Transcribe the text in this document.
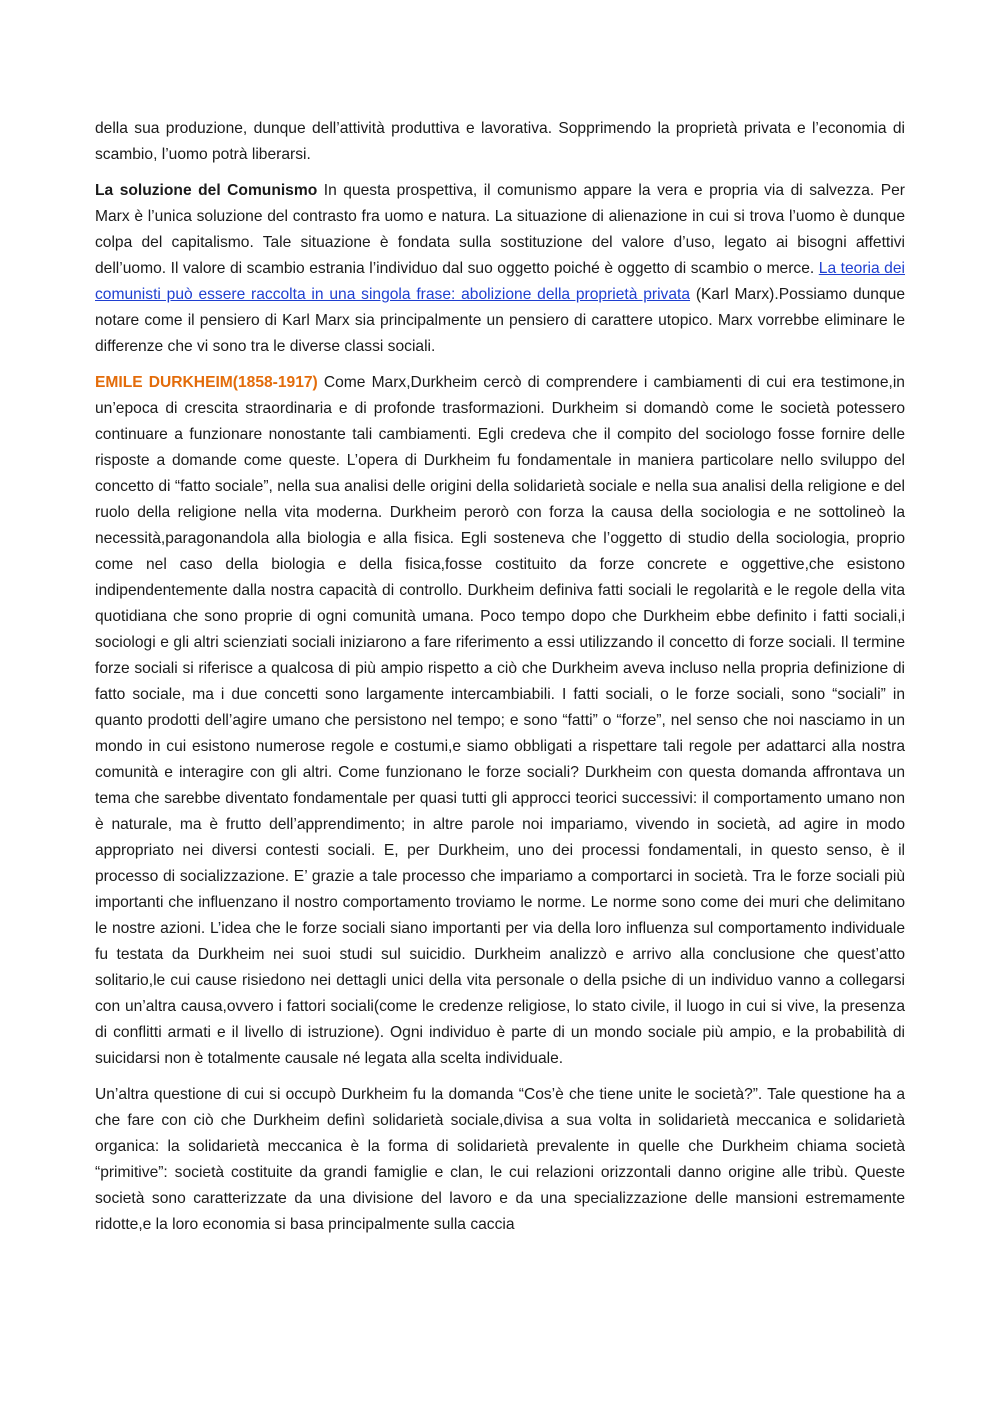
della sua produzione, dunque dell’attività produttiva e lavorativa. Sopprimendo la proprietà privata e l’economia di scambio, l’uomo potrà liberarsi.

La soluzione del Comunismo In questa prospettiva, il comunismo appare la vera e propria via di salvezza. Per Marx è l’unica soluzione del contrasto fra uomo e natura. La situazione di alienazione in cui si trova l’uomo è dunque colpa del capitalismo. Tale situazione è fondata sulla sostituzione del valore d’uso, legato ai bisogni affettivi dell’uomo. Il valore di scambio estrania l’individuo dal suo oggetto poiché è oggetto di scambio o merce. La teoria dei comunisti può essere raccolta in una singola frase: abolizione della proprietà privata (Karl Marx).Possiamo dunque notare come il pensiero di Karl Marx sia principalmente un pensiero di carattere utopico. Marx vorrebbe eliminare le differenze che vi sono tra le diverse classi sociali.

EMILE DURKHEIM(1858-1917) Come Marx,Durkheim cercò di comprendere i cambiamenti di cui era testimone,in un’epoca di crescita straordinaria e di profonde trasformazioni. Durkheim si domandò come le società potessero continuare a funzionare nonostante tali cambiamenti. Egli credeva che il compito del sociologo fosse fornire delle risposte a domande come queste. L’opera di Durkheim fu fondamentale in maniera particolare nello sviluppo del concetto di “fatto sociale”, nella sua analisi delle origini della solidarietà sociale e nella sua analisi della religione e del ruolo della religione nella vita moderna. Durkheim perorò con forza la causa della sociologia e ne sottolineò la necessità,paragonandola alla biologia e alla fisica. Egli sosteneva che l’oggetto di studio della sociologia, proprio come nel caso della biologia e della fisica,fosse costituito da forze concrete e oggettive,che esistono indipendentemente dalla nostra capacità di controllo. Durkheim definiva fatti sociali le regolarità e le regole della vita quotidiana che sono proprie di ogni comunità umana. Poco tempo dopo che Durkheim ebbe definito i fatti sociali,i sociologi e gli altri scienziati sociali iniziarono a fare riferimento a essi utilizzando il concetto di forze sociali. Il termine forze sociali si riferisce a qualcosa di più ampio rispetto a ciò che Durkheim aveva incluso nella propria definizione di fatto sociale, ma i due concetti sono largamente intercambiabili. I fatti sociali, o le forze sociali, sono “sociali” in quanto prodotti dell’agire umano che persistono nel tempo; e sono “fatti” o “forze”, nel senso che noi nasciamo in un mondo in cui esistono numerose regole e costumi,e siamo obbligati a rispettare tali regole per adattarci alla nostra comunità e interagire con gli altri. Come funzionano le forze sociali? Durkheim con questa domanda affrontava un tema che sarebbe diventato fondamentale per quasi tutti gli approcci teorici successivi: il comportamento umano non è naturale, ma è frutto dell’apprendimento; in altre parole noi impariamo, vivendo in società, ad agire in modo appropriato nei diversi contesti sociali. E, per Durkheim, uno dei processi fondamentali, in questo senso, è il processo di socializzazione. E’ grazie a tale processo che impariamo a comportarci in società. Tra le forze sociali più importanti che influenzano il nostro comportamento troviamo le norme. Le norme sono come dei muri che delimitano le nostre azioni. L’idea che le forze sociali siano importanti per via della loro influenza sul comportamento individuale fu testata da Durkheim nei suoi studi sul suicidio. Durkheim analizzò e arrivo alla conclusione che quest’atto solitario,le cui cause risiedono nei dettagli unici della vita personale o della psiche di un individuo vanno a collegarsi con un’altra causa,ovvero i fattori sociali(come le credenze religiose, lo stato civile, il luogo in cui si vive, la presenza di conflitti armati e il livello di istruzione). Ogni individuo è parte di un mondo sociale più ampio, e la probabilità di suicidarsi non è totalmente causale né legata alla scelta individuale.

Un’altra questione di cui si occupò Durkheim fu la domanda “Cos’è che tiene unite le società?”. Tale questione ha a che fare con ciò che Durkheim definì solidarietà sociale,divisa a sua volta in solidarietà meccanica e solidarietà organica: la solidarietà meccanica è la forma di solidarietà prevalente in quelle che Durkheim chiama società “primitive”: società costituite da grandi famiglie e clan, le cui relazioni orizzontali danno origine alle tribù. Queste società sono caratterizzate da una divisione del lavoro e da una specializzazione delle mansioni estremamente ridotte,e la loro economia si basa principalmente sulla caccia
